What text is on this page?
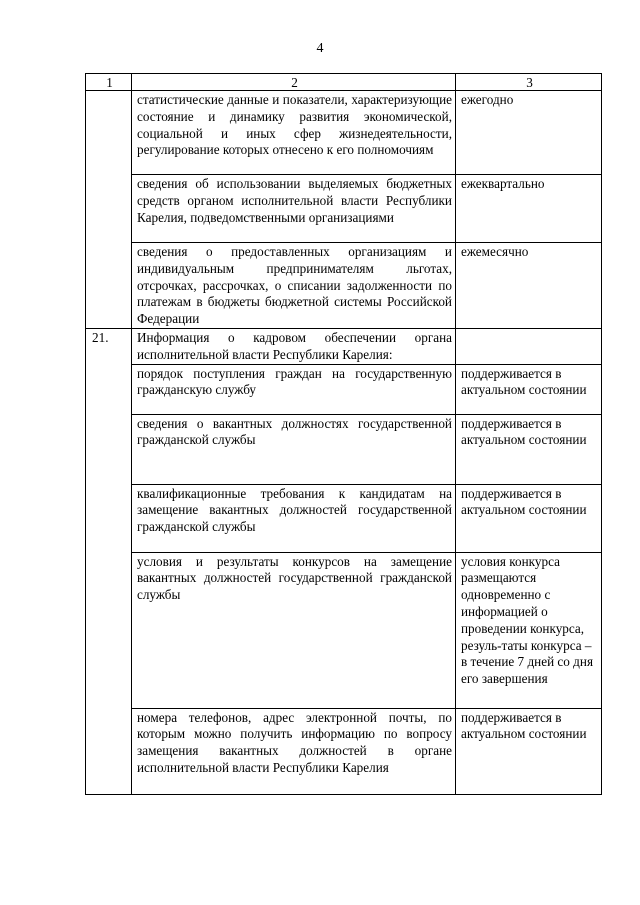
4
1	2	3
	статистические данные и показатели, характеризующие состояние и динамику развития экономической, социальной и иных сфер жизнедеятельности, регулирование которых отнесено к его полномочиям	ежегодно
	сведения об использовании выделяемых бюджетных средств органом исполнительной власти Республики Карелия, подведомственными организациями	ежеквартально
	сведения о предоставленных организациям и индивидуальным предпринимателям льготах, отсрочках, рассрочках, о списании задолженности по платежам в бюджеты бюджетной системы Российской Федерации	ежемесячно
21.	Информация о кадровом обеспечении органа исполнительной власти Республики Карелия:	
	порядок поступления граждан на государственную гражданскую службу	поддерживается в актуальном состоянии
	сведения о вакантных должностях государственной гражданской службы	поддерживается в актуальном состоянии
	квалификационные требования к кандидатам на замещение вакантных должностей государственной гражданской службы	поддерживается в актуальном состоянии
	условия и результаты конкурсов на замещение вакантных должностей государственной гражданской службы	условия конкурса размещаются одновременно с информацией о проведении конкурса, резуль-таты конкурса – в течение 7 дней со дня его завершения
	номера телефонов, адрес электронной почты, по которым можно получить информацию по вопросу замещения вакантных должностей в органе исполнительной власти Республики Карелия	поддерживается в актуальном состоянии
